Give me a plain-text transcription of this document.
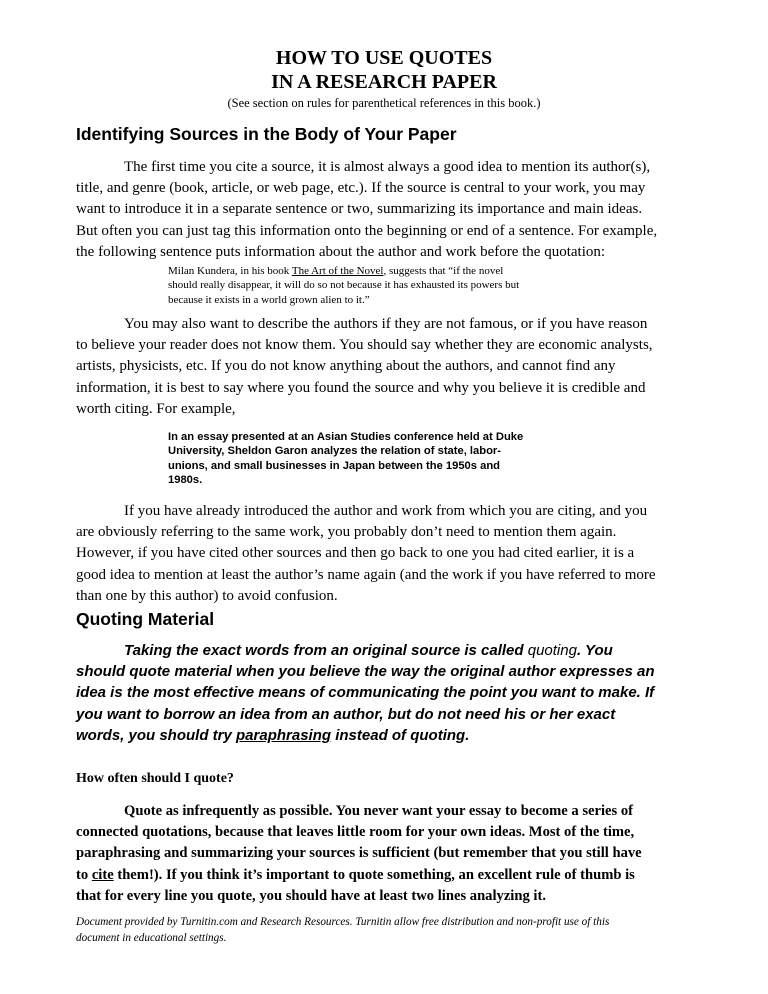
HOW TO USE QUOTES
IN A RESEARCH PAPER
(See section on rules for parenthetical references in this book.)
Identifying Sources in the Body of Your Paper
The first time you cite a source, it is almost always a good idea to mention its author(s),
title, and genre (book, article, or web page, etc.). If the source is central to your work, you may
want to introduce it in a separate sentence or two, summarizing its importance and main ideas.
But often you can just tag this information onto the beginning or end of a sentence. For example,
the following sentence puts information about the author and work before the quotation:
Milan Kundera, in his book The Art of the Novel, suggests that “if the novel
should really disappear, it will do so not because it has exhausted its powers but
because it exists in a world grown alien to it.”
You may also want to describe the authors if they are not famous, or if you have reason
to believe your reader does not know them. You should say whether they are economic analysts,
artists, physicists, etc. If you do not know anything about the authors, and cannot find any
information, it is best to say where you found the source and why you believe it is credible and
worth citing. For example,
In an essay presented at an Asian Studies conference held at Duke
University, Sheldon Garon analyzes the relation of state, labor-
unions, and small businesses in Japan between the 1950s and
1980s.
If you have already introduced the author and work from which you are citing, and you
are obviously referring to the same work, you probably don’t need to mention them again.
However, if you have cited other sources and then go back to one you had cited earlier, it is a
good idea to mention at least the author’s name again (and the work if you have referred to more
than one by this author) to avoid confusion.
Quoting Material
Taking the exact words from an original source is called quoting. You
should quote material when you believe the way the original author expresses an
idea is the most effective means of communicating the point you want to make. If
you want to borrow an idea from an author, but do not need his or her exact
words, you should try paraphrasing instead of quoting.
How often should I quote?
Quote as infrequently as possible. You never want your essay to become a series of
connected quotations, because that leaves little room for your own ideas. Most of the time,
paraphrasing and summarizing your sources is sufficient (but remember that you still have
to cite them!). If you think it’s important to quote something, an excellent rule of thumb is
that for every line you quote, you should have at least two lines analyzing it.
Document provided by Turnitin.com and Research Resources. Turnitin allow free distribution and non-profit use of this
document in educational settings.
